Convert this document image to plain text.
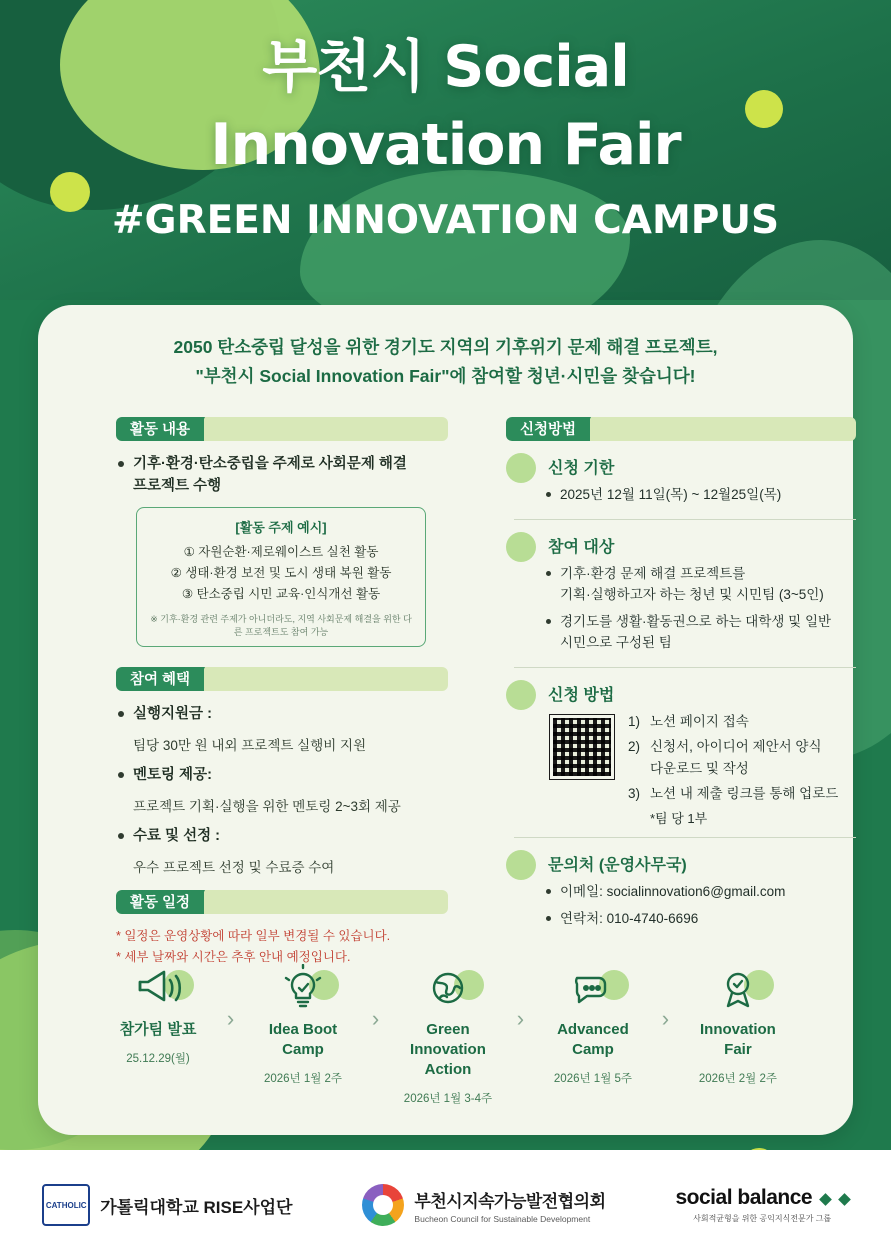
부천시 Social
Innovation Fair
#GREEN INNOVATION CAMPUS
2050 탄소중립 달성을 위한 경기도 지역의 기후위기 문제 해결 프로젝트,
"부천시 Social Innovation Fair"에 참여할 청년·시민을 찾습니다!
활동 내용
기후·환경·탄소중립을 주제로 사회문제 해결
프로젝트 수행
[활동 주제 예시]
① 자원순환·제로웨이스트 실천 활동
② 생태·환경 보전 및 도시 생태 복원 활동
③ 탄소중립 시민 교육·인식개선 활동
※ 기후·환경 관련 주제가 아니더라도, 지역 사회문제 해결을 위한 다른 프로젝트도 참여 가능
참여 혜택
실행지원금 :
팀당 30만 원 내외 프로젝트 실행비 지원
멘토링 제공:
프로젝트 기획·실행을 위한 멘토링 2~3회 제공
수료 및 선정 :
우수 프로젝트 선정 및 수료증 수여
활동 일정
* 일정은 운영상황에 따라 일부 변경될 수 있습니다.
* 세부 날짜와 시간은 추후 안내 예정입니다.
신청방법
신청 기한
2025년 12월 11일(목) ~ 12월25일(목)
참여 대상
기후·환경 문제 해결 프로젝트를
기획·실행하고자 하는 청년 및 시민팀 (3~5인)
경기도를 생활·활동권으로 하는 대학생 및 일반
시민으로 구성된 팀
신청 방법
노션 페이지 접속
신청서, 아이디어 제안서 양식
다운로드 및 작성
노션 내 제출 링크를 통해 업로드
*팀 당 1부
문의처 (운영사무국)
이메일: socialinnovation6@gmail.com
연락처: 010-4740-6696
참가팀 발표
25.12.29(월)
›	Idea Boot
Camp
2026년 1월 2주
›	Green Innovation
Action
2026년 1월 3-4주
›	Advanced
Camp
2026년 1월 5주
›	Innovation
Fair
2026년 2월 2주
CATHOLIC 가톨릭대학교 RISE사업단	부천시지속가능발전협의회
Bucheon Council for Sustainable Development
social balance
사회적균형을 위한 공익지식전문가 그룹
